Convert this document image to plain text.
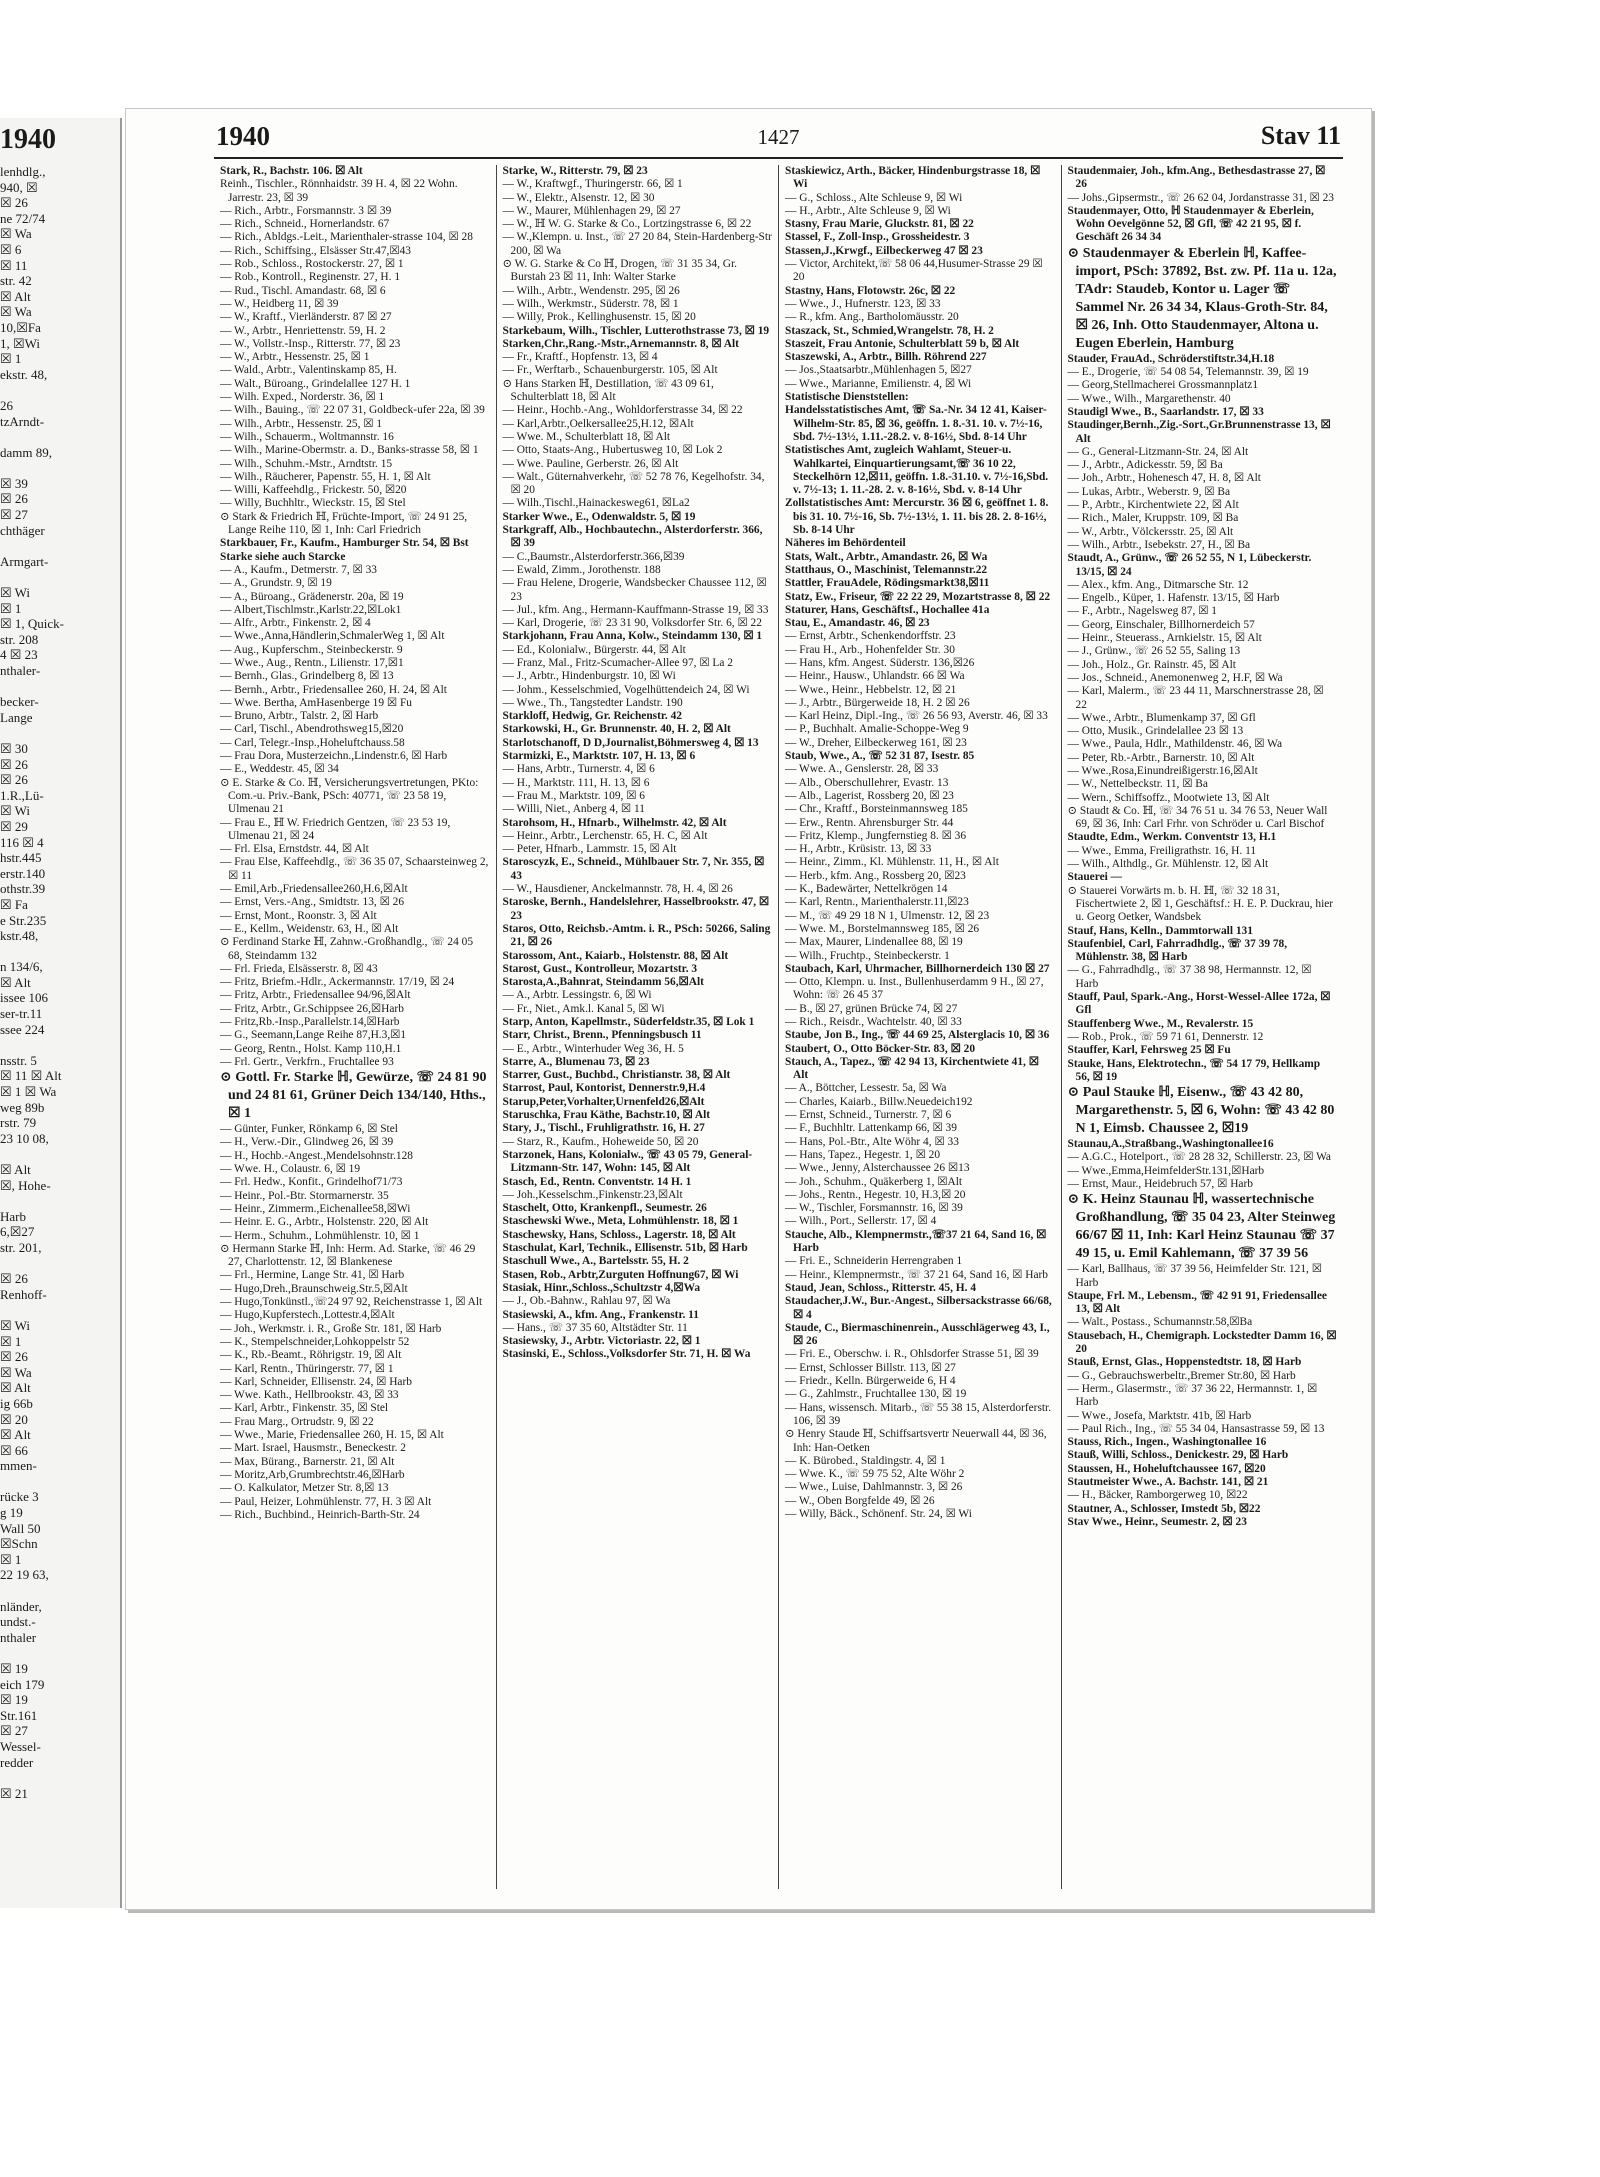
1940
lenhdlg.,
940, ☒
☒ 26
ne 72/74
☒ Wa
☒ 6
☒ 11
str. 42
☒ Alt
☒ Wa
10,☒Fa
1, ☒Wi
☒ 1
ekstr. 48,

26
tzArndt-

damm 89,

☒ 39
☒ 26
☒ 27
chthäger

Armgart-

☒ Wi
☒ 1
☒ 1, Quick-
str. 208
4 ☒ 23
nthaler-

becker-
Lange

☒ 30
☒ 26
☒ 26
1.R.,Lü-
☒ Wi
☒ 29
116 ☒ 4
hstr.445
erstr.140
othstr.39
☒ Fa
e Str.235
kstr.48,

n 134/6,
☒ Alt
issee 106
ser-tr.11
ssee 224

nsstr. 5
☒ 11 ☒ Alt
☒ 1 ☒ Wa
weg 89b
rstr. 79
23 10 08,

☒ Alt
☒, Hohe-

Harb
6,☒27
str. 201,

☒ 26
Renhoff-

☒ Wi
☒ 1
☒ 26
☒ Wa
☒ Alt
ig 66b
☒ 20
☒ Alt
☒ 66
mmen-

rücke 3
g 19
Wall 50
☒Schn
☒ 1
22 19 63,

nländer,
undst.-
nthaler

☒ 19
eich 179
☒ 19
Str.161
☒ 27
Wessel-
redder

☒ 21
1940	1427	Stav 11
Stark, R., Bachstr. 106. ☒ Alt
Reinh., Tischler., Rönnhaidstr. 39 H. 4, ☒ 22 Wohn. Jarrestr. 23, ☒ 39
— Rich., Arbtr., Forsmannstr. 3 ☒ 39
— Rich., Schneid., Hornerlandstr. 67
— Rich., Abldgs.-Leit., Marienthaler-strasse 104, ☒ 28
— Rich., Schiffsing., Elsässer Str.47,☒43
— Rob., Schloss., Rostockerstr. 27, ☒ 1
— Rob., Kontroll., Reginenstr. 27, H. 1
— Rud., Tischl. Amandastr. 68, ☒ 6
— W., Heidberg 11, ☒ 39
— W., Kraftf., Vierländerstr. 87 ☒ 27
— W., Arbtr., Henriettenstr. 59, H. 2
— W., Vollstr.-Insp., Ritterstr. 77, ☒ 23
— W., Arbtr., Hessenstr. 25, ☒ 1
— Wald., Arbtr., Valentinskamp 85, H.
— Walt., Büroang., Grindelallee 127 H. 1
— Wilh. Exped., Norderstr. 36, ☒ 1
— Wilh., Bauing., ☏ 22 07 31, Goldbeck-ufer 22a, ☒ 39
— Wilh., Arbtr., Hessenstr. 25, ☒ 1
— Wilh., Schauerm., Woltmannstr. 16
— Wilh., Marine-Obermstr. a. D., Banks-strasse 58, ☒ 1
— Wilh., Schuhm.-Mstr., Arndtstr. 15
— Wilh., Räucherer, Papenstr. 55, H. 1, ☒ Alt
— Willi, Kaffeehdlg., Frickestr. 50, ☒20
— Willy, Buchhltr., Wieckstr. 15, ☒ Stel
⊙ Stark & Friedrich ℍ, Früchte-Import, ☏ 24 91 25, Lange Reihe 110, ☒ 1, Inh: Carl Friedrich
Starkbauer, Fr., Kaufm., Hamburger Str. 54, ☒ Bst
Starke siehe auch Starcke
— A., Kaufm., Detmerstr. 7, ☒ 33
— A., Grundstr. 9, ☒ 19
— A., Büroang., Grädenerstr. 20a, ☒ 19
— Albert,Tischlmstr.,Karlstr.22,☒Lok1
— Alfr., Arbtr., Finkenstr. 2, ☒ 4
— Wwe.,Anna,Händlerin,SchmalerWeg 1, ☒ Alt
— Aug., Kupferschm., Steinbeckerstr. 9
— Wwe., Aug., Rentn., Lilienstr. 17,☒1
— Bernh., Glas., Grindelberg 8, ☒ 13
— Bernh., Arbtr., Friedensallee 260, H. 24, ☒ Alt
— Wwe. Bertha, AmHasenberge 19 ☒ Fu
— Bruno, Arbtr., Talstr. 2, ☒ Harb
— Carl, Tischl., Abendrothsweg15,☒20
— Carl, Telegr.-Insp.,Hoheluftchauss.58
— Frau Dora, Musterzeichn.,Lindenstr.6, ☒ Harb
— E., Weddestr. 45, ☒ 34
⊙ E. Starke & Co. ℍ, Versicherungsvertretungen, PKto: Com.-u. Priv.-Bank, PSch: 40771, ☏ 23 58 19, Ulmenau 21
— Frau E., ℍ W. Friedrich Gentzen, ☏ 23 53 19, Ulmenau 21, ☒ 24
— Frl. Elsa, Ernstdstr. 44, ☒ Alt
— Frau Else, Kaffeehdlg., ☏ 36 35 07, Schaarsteinweg 2, ☒ 11
— Emil,Arb.,Friedensallee260,H.6,☒Alt
— Ernst, Vers.-Ang., Smidtstr. 13, ☒ 26
— Ernst, Mont., Roonstr. 3, ☒ Alt
— E., Kellm., Weidenstr. 63, H., ☒ Alt
⊙ Ferdinand Starke ℍ, Zahnw.-Großhandlg., ☏ 24 05 68, Steindamm 132
— Frl. Frieda, Elsässerstr. 8, ☒ 43
— Fritz, Briefm.-Hdlr., Ackermannstr. 17/19, ☒ 24
— Fritz, Arbtr., Friedensallee 94/96,☒Alt
— Fritz, Arbtr., Gr.Schippsee 26,☒Harb
— Fritz,Rb.-Insp.,Parallelstr.14,☒Harb
— G., Seemann,Lange Reihe 87,H.3,☒1
— Georg, Rentn., Holst. Kamp 110,H.1
— Frl. Gertr., Verkfrn., Fruchtallee 93
⊙ Gottl. Fr. Starke ℍ, Gewürze, ☏ 24 81 90 und 24 81 61, Grüner Deich 134/140, Hths., ☒ 1
— Günter, Funker, Rönkamp 6, ☒ Stel
— H., Verw.-Dir., Glindweg 26, ☒ 39
— H., Hochb.-Angest.,Mendelsohnstr.128
— Wwe. H., Colaustr. 6, ☒ 19
— Frl. Hedw., Konfit., Grindelhof71/73
— Heinr., Pol.-Btr. Stormarnerstr. 35
— Heinr., Zimmerm.,Eichenallee58,☒Wi
— Heinr. E. G., Arbtr., Holstenstr. 220, ☒ Alt
— Herm., Schuhm., Lohmühlenstr. 10, ☒ 1
⊙ Hermann Starke ℍ, Inh: Herm. Ad. Starke, ☏ 46 29 27, Charlottenstr. 12, ☒ Blankenese
— Frl., Hermine, Lange Str. 41, ☒ Harb
— Hugo,Dreh.,Braunschweig.Str.5,☒Alt
— Hugo,Tonkünstl.,☏24 97 92, Reichenstrasse 1, ☒ Alt
— Hugo,Kupferstech.,Lottestr.4,☒Alt
— Joh., Werkmstr. i. R., Große Str. 181, ☒ Harb
— K., Stempelschneider,Lohkoppelstr 52
— K., Rb.-Beamt., Röhrigstr. 19, ☒ Alt
— Karl, Rentn., Thüringerstr. 77, ☒ 1
— Karl, Schneider, Ellisenstr. 24, ☒ Harb
— Wwe. Kath., Hellbrookstr. 43, ☒ 33
— Karl, Arbtr., Finkenstr. 35, ☒ Stel
— Frau Marg., Ortrudstr. 9, ☒ 22
— Wwe., Marie, Friedensallee 260, H. 15, ☒ Alt
— Mart. Israel, Hausmstr., Beneckestr. 2
— Max, Bürang., Barnerstr. 21, ☒ Alt
— Moritz,Arb,Grumbrechtstr.46,☒Harb
— O. Kalkulator, Metzer Str. 8,☒ 13
— Paul, Heizer, Lohmühlenstr. 77, H. 3 ☒ Alt
— Rich., Buchbind., Heinrich-Barth-Str. 24
Starke, W., Ritterstr. 79, ☒ 23
— W., Kraftwgf., Thuringerstr. 66, ☒ 1
— W., Elektr., Alsenstr. 12, ☒ 30
— W., Maurer, Mühlenhagen 29, ☒ 27
— W., ℍ W. G. Starke & Co., Lortzingstrasse 6, ☒ 22
— W.,Klempn. u. Inst., ☏ 27 20 84, Stein-Hardenberg-Str 200, ☒ Wa
⊙ W. G. Starke & Co ℍ, Drogen, ☏ 31 35 34, Gr. Burstah 23 ☒ 11, Inh: Walter Starke
— Wilh., Arbtr., Wendenstr. 295, ☒ 26
— Wilh., Werkmstr., Süderstr. 78, ☒ 1
— Willy, Prok., Kellinghusenstr. 15, ☒ 20
Starkebaum, Wilh., Tischler, Lutterothstrasse 73, ☒ 19
Starken,Chr.,Rang.-Mstr.,Arnemannstr. 8, ☒ Alt
— Fr., Kraftf., Hopfenstr. 13, ☒ 4
— Fr., Werftarb., Schauenburgerstr. 105, ☒ Alt
⊙ Hans Starken ℍ, Destillation, ☏ 43 09 61, Schulterblatt 18, ☒ Alt
— Heinr., Hochb.-Ang., Wohldorferstrasse 34, ☒ 22
— Karl,Arbtr.,Oelkersallee25,H.12, ☒Alt
— Wwe. M., Schulterblatt 18, ☒ Alt
— Otto, Staats-Ang., Hubertusweg 10, ☒ Lok 2
— Wwe. Pauline, Gerberstr. 26, ☒ Alt
— Walt., Güternahverkehr, ☏ 52 78 76, Kegelhofstr. 34, ☒ 20
— Wilh.,Tischl.,Hainackesweg61, ☒La2
Starker Wwe., E., Odenwaldstr. 5, ☒ 19
Starkgraff, Alb., Hochbautechn., Alsterdorferstr. 366, ☒ 39
— C.,Baumstr.,Alsterdorferstr.366,☒39
— Ewald, Zimm., Jorothenstr. 188
— Frau Helene, Drogerie, Wandsbecker Chaussee 112, ☒ 23
— Jul., kfm. Ang., Hermann-Kauffmann-Strasse 19, ☒ 33
— Karl, Drogerie, ☏ 23 31 90, Volksdorfer Str. 6, ☒ 22
Starkjohann, Frau Anna, Kolw., Steindamm 130, ☒ 1
— Ed., Kolonialw., Bürgerstr. 44, ☒ Alt
— Franz, Mal., Fritz-Scumacher-Allee 97, ☒ La 2
— J., Arbtr., Hindenburgstr. 10, ☒ Wi
— Johm., Kesselschmied, Vogelhüttendeich 24, ☒ Wi
— Wwe., Th., Tangstedter Landstr. 190
Starkloff, Hedwig, Gr. Reichenstr. 42
Starkowski, H., Gr. Brunnenstr. 40, H. 2, ☒ Alt
Starlotschanoff, D D,Journalist,Böhmersweg 4, ☒ 13
Starmizki, E., Marktstr. 107, H. 13, ☒ 6
— Hans, Arbtr., Turnerstr. 4, ☒ 6
— H., Marktstr. 111, H. 13, ☒ 6
— Frau M., Marktstr. 109, ☒ 6
— Willi, Niet., Anberg 4, ☒ 11
Starohsom, H., Hfnarb., Wilhelmstr. 42, ☒ Alt
— Heinr., Arbtr., Lerchenstr. 65, H. C, ☒ Alt
— Peter, Hfnarb., Lammstr. 15, ☒ Alt
Staroscyzk, E., Schneid., Mühlbauer Str. 7, Nr. 355, ☒ 43
— W., Hausdiener, Anckelmannstr. 78, H. 4, ☒ 26
Staroske, Bernh., Handelslehrer, Hasselbrookstr. 47, ☒ 23
Staros, Otto, Reichsb.-Amtm. i. R., PSch: 50266, Saling 21, ☒ 26
Starossom, Ant., Kaiarb., Holstenstr. 88, ☒ Alt
Starost, Gust., Kontrolleur, Mozartstr. 3
Starosta,A.,Bahnrat, Steindamm 56,☒Alt
— A., Arbtr. Lessingstr. 6, ☒ Wi
— Fr., Niet., Amk.l. Kanal 5, ☒ Wi
Starp, Anton, Kapellmstr., Süderfeldstr.35, ☒ Lok 1
Starr, Christ., Brenn., Pfenningsbusch 11
— E., Arbtr., Winterhuder Weg 36, H. 5
Starre, A., Blumenau 73, ☒ 23
Starrer, Gust., Buchbd., Christianstr. 38, ☒ Alt
Starrost, Paul, Kontorist, Dennerstr.9,H.4
Starup,Peter,Vorhalter,Urnenfeld26,☒Alt
Staruschka, Frau Käthe, Bachstr.10, ☒ Alt
Stary, J., Tischl., Fruhligrathstr. 16, H. 27
— Starz, R., Kaufm., Hoheweide 50, ☒ 20
Starzonek, Hans, Kolonialw., ☏ 43 05 79, General-Litzmann-Str. 147, Wohn: 145, ☒ Alt
Stasch, Ed., Rentn. Conventstr. 14 H. 1
— Joh.,Kesselschm.,Finkenstr.23,☒Alt
Staschelt, Otto, Krankenpfl., Seumestr. 26
Staschewski Wwe., Meta, Lohmühlenstr. 18, ☒ 1
Staschewsky, Hans, Schloss., Lagerstr. 18, ☒ Alt
Staschulat, Karl, Technik., Ellisenstr. 51b, ☒ Harb
Staschull Wwe., A., Bartelsstr. 55, H. 2
Stasen, Rob., Arbtr,Zurguten Hoffnung67, ☒ Wi
Stasiak, Hinr.,Schloss.,Schultzstr 4,☒Wa
— J., Ob.-Bahnw., Rahlau 97, ☒ Wa
Stasiewski, A., kfm. Ang., Frankenstr. 11
— Hans., ☏ 37 35 60, Altstädter Str. 11
Stasiewsky, J., Arbtr. Victoriastr. 22, ☒ 1
Stasinski, E., Schloss.,Volksdorfer Str. 71, H. ☒ Wa
Staskiewicz, Arth., Bäcker, Hindenburgstrasse 18, ☒ Wi
— G., Schloss., Alte Schleuse 9, ☒ Wi
— H., Arbtr., Alte Schleuse 9, ☒ Wi
Stasny, Frau Marie, Gluckstr. 81, ☒ 22
Stassel, F., Zoll-Insp., Grossheidestr. 3
Stassen,J.,Krwgf., Eilbeckerweg 47 ☒ 23
— Victor, Architekt,☏ 58 06 44,Husumer-Strasse 29 ☒ 20
Stastny, Hans, Flotowstr. 26c, ☒ 22
— Wwe., J., Hufnerstr. 123, ☒ 33
— R., kfm. Ang., Bartholomäusstr. 20
Staszack, St., Schmied,Wrangelstr. 78, H. 2
Staszeit, Frau Antonie, Schulterblatt 59 b, ☒ Alt
Staszewski, A., Arbtr., Billh. Röhrend 227
— Jos.,Staatsarbtr.,Mühlenhagen 5, ☒27
— Wwe., Marianne, Emilienstr. 4, ☒ Wi
Statistische Dienststellen:
Handelsstatistisches Amt, ☏ Sa.-Nr. 34 12 41, Kaiser-Wilhelm-Str. 85, ☒ 36, geöffn. 1. 8.-31. 10. v. 7½-16, Sbd. 7½-13½, 1.11.-28.2. v. 8-16½, Sbd. 8-14 Uhr
Statistisches Amt, zugleich Wahlamt, Steuer-u. Wahlkartei, Einquartierungsamt,☏ 36 10 22, Steckelhörn 12,☒11, geöffn. 1.8.-31.10. v. 7½-16,Sbd. v. 7½-13; 1. 11.-28. 2. v. 8-16½, Sbd. v. 8-14 Uhr
Zollstatistisches Amt: Mercurstr. 36 ☒ 6, geöffnet 1. 8. bis 31. 10. 7½-16, Sb. 7½-13½, 1. 11. bis 28. 2. 8-16½, Sb. 8-14 Uhr
Näheres im Behördenteil
Stats, Walt., Arbtr., Amandastr. 26, ☒ Wa
Statthaus, O., Maschinist, Telemannstr.22
Stattler, FrauAdele, Rödingsmarkt38,☒11
Statz, Ew., Friseur, ☏ 22 22 29, Mozartstrasse 8, ☒ 22
Staturer, Hans, Geschäftsf., Hochallee 41a
Stau, E., Amandastr. 46, ☒ 23
— Ernst, Arbtr., Schenkendorffstr. 23
— Frau H., Arb., Hohenfelder Str. 30
— Hans, kfm. Angest. Süderstr. 136,☒26
— Heinr., Hausw., Uhlandstr. 66 ☒ Wa
— Wwe., Heinr., Hebbelstr. 12, ☒ 21
— J., Arbtr., Bürgerweide 18, H. 2 ☒ 26
— Karl Heinz, Dipl.-Ing., ☏ 26 56 93, Averstr. 46, ☒ 33
— P., Buchhalt. Amalie-Schoppe-Weg 9
— W., Dreher, Eilbeckerweg 161, ☒ 23
Staub, Wwe., A., ☏ 52 31 87, Isestr. 85
— Wwe. A., Genslerstr. 28, ☒ 33
— Alb., Oberschullehrer, Evastr. 13
— Alb., Lagerist, Rossberg 20, ☒ 23
— Chr., Kraftf., Borsteinmannsweg 185
— Erw., Rentn. Ahrensburger Str. 44
— Fritz, Klemp., Jungfernstieg 8. ☒ 36
— H., Arbtr., Krüsistr. 13, ☒ 33
— Heinr., Zimm., Kl. Mühlenstr. 11, H., ☒ Alt
— Herb., kfm. Ang., Rossberg 20, ☒23
— K., Badewärter, Nettelkrögen 14
— Karl, Rentn., Marienthalerstr.11,☒23
— M., ☏ 49 29 18 N 1, Ulmenstr. 12, ☒ 23
— Wwe. M., Borstelmannsweg 185, ☒ 26
— Max, Maurer, Lindenallee 88, ☒ 19
— Wilh., Fruchtp., Steinbeckerstr. 1
Staubach, Karl, Uhrmacher, Billhornerdeich 130 ☒ 27
— Otto, Klempn. u. Inst., Bullenhuserdamm 9 H., ☒ 27, Wohn: ☏ 26 45 37
— B., ☒ 27, grünen Brücke 74, ☒ 27
— Rich., Reisdr., Wachtelstr. 40, ☒ 33
Staube, Jon B., Ing., ☏ 44 69 25, Alsterglacis 10, ☒ 36
Staubert, O., Otto Böcker-Str. 83, ☒ 20
Stauch, A., Tapez., ☏ 42 94 13, Kirchentwiete 41, ☒ Alt
— A., Böttcher, Lessestr. 5a, ☒ Wa
— Charles, Kaiarb., Billw.Neuedeich192
— Ernst, Schneid., Turnerstr. 7, ☒ 6
— F., Buchhltr. Lattenkamp 66, ☒ 39
— Hans, Pol.-Btr., Alte Wöhr 4, ☒ 33
— Hans, Tapez., Hegestr. 1, ☒ 20
— Wwe., Jenny, Alsterchaussee 26 ☒13
— Joh., Schuhm., Quäkerberg 1, ☒Alt
— Johs., Rentn., Hegestr. 10, H.3,☒ 20
— W., Tischler, Forsmannstr. 16, ☒ 39
— Wilh., Port., Sellerstr. 17, ☒ 4
Stauche, Alb., Klempnermstr.,☏37 21 64, Sand 16, ☒ Harb
— Fri. E., Schneiderin Herrengraben 1
— Heinr., Klempnermstr., ☏ 37 21 64, Sand 16, ☒ Harb
Staud, Jean, Schloss., Ritterstr. 45, H. 4
Staudacher,J.W., Bur.-Angest., Silbersackstrasse 66/68, ☒ 4
Staude, C., Biermaschinenrein., Ausschlägerweg 43, I., ☒ 26
— Fri. E., Oberschw. i. R., Ohlsdorfer Strasse 51, ☒ 39
— Ernst, Schlosser Billstr. 113, ☒ 27
— Friedr., Kelln. Bürgerweide 6, H 4
— G., Zahlmstr., Fruchtallee 130, ☒ 19
— Hans, wissensch. Mitarb., ☏ 55 38 15, Alsterdorferstr. 106, ☒ 39
⊙ Henry Staude ℍ, Schiffsartsvertr Neuerwall 44, ☒ 36, Inh: Han-Oetken
— K. Bürobed., Staldingstr. 4, ☒ 1
— Wwe. K., ☏ 59 75 52, Alte Wöhr 2
— Wwe., Luise, Dahlmannstr. 3, ☒ 26
— W., Oben Borgfelde 49, ☒ 26
— Willy, Bäck., Schönenf. Str. 24, ☒ Wi
Staudenmaier, Joh., kfm.Ang., Bethesdastrasse 27, ☒ 26
— Johs.,Gipsermstr., ☏ 26 62 04, Jordanstrasse 31, ☒ 23
Staudenmayer, Otto, ℍ Staudenmayer & Eberlein, Wohn Oevelgönne 52, ☒ Gfl, ☏ 42 21 95, ☒ f. Geschäft 26 34 34
⊙ Staudenmayer & Eberlein ℍ, Kaffee-import, PSch: 37892, Bst. zw. Pf. 11a u. 12a, TAdr: Staudeb, Kontor u. Lager ☏ Sammel Nr. 26 34 34, Klaus-Groth-Str. 84, ☒ 26, Inh. Otto Staudenmayer, Altona u. Eugen Eberlein, Hamburg
Stauder, FrauAd., Schröderstiftstr.34,H.18
— E., Drogerie, ☏ 54 08 54, Telemannstr. 39, ☒ 19
— Georg,Stellmacherei Grossmannplatz1
— Wwe., Wilh., Margarethenstr. 40
Staudigl Wwe., B., Saarlandstr. 17, ☒ 33
Staudinger,Bernh.,Zig.-Sort.,Gr.Brunnenstrasse 13, ☒ Alt
— G., General-Litzmann-Str. 24, ☒ Alt
— J., Arbtr., Adickesstr. 59, ☒ Ba
— Joh., Arbtr., Hohenesch 47, H. 8, ☒ Alt
— Lukas, Arbtr., Weberstr. 9, ☒ Ba
— P., Arbtr., Kirchentwiete 22, ☒ Alt
— Rich., Maler, Kruppstr. 109, ☒ Ba
— W., Arbtr., Völckersstr. 25, ☒ Alt
— Wilh., Arbtr., Isebekstr. 27, H., ☒ Ba
Staudt, A., Grünw., ☏ 26 52 55, N 1, Lübeckerstr. 13/15, ☒ 24
— Alex., kfm. Ang., Ditmarsche Str. 12
— Engelb., Küper, 1. Hafenstr. 13/15, ☒ Harb
— F., Arbtr., Nagelsweg 87, ☒ 1
— Georg, Einschaler, Billhornerdeich 57
— Heinr., Steuerass., Arnkielstr. 15, ☒ Alt
— J., Grünw., ☏ 26 52 55, Saling 13
— Joh., Holz., Gr. Rainstr. 45, ☒ Alt
— Jos., Schneid., Anemonenweg 2, H.F, ☒ Wa
— Karl, Malerm., ☏ 23 44 11, Marschnerstrasse 28, ☒ 22
— Wwe., Arbtr., Blumenkamp 37, ☒ Gfl
— Otto, Musik., Grindelallee 23 ☒ 13
— Wwe., Paula, Hdlr., Mathildenstr. 46, ☒ Wa
— Peter, Rb.-Arbtr., Barnerstr. 10, ☒ Alt
— Wwe.,Rosa,Einundreißigerstr.16,☒Alt
— W., Nettelbeckstr. 11, ☒ Ba
— Wern., Schiffsoffz., Mootwiete 13, ☒ Alt
⊙ Staudt & Co. ℍ, ☏ 34 76 51 u. 34 76 53, Neuer Wall 69, ☒ 36, Inh: Carl Frhr. von Schröder u. Carl Bischof
Staudte, Edm., Werkm. Conventstr 13, H.1
— Wwe., Emma, Freiligrathstr. 16, H. 11
— Wilh., Althdlg., Gr. Mühlenstr. 12, ☒ Alt
Stauerei —
⊙ Stauerei Vorwärts m. b. H. ℍ, ☏ 32 18 31, Fischertwiete 2, ☒ 1, Geschäftsf.: H. E. P. Duckrau, hier u. Georg Oetker, Wandsbek
Stauf, Hans, Kelln., Dammtorwall 131
Staufenbiel, Carl, Fahrradhdlg., ☏ 37 39 78, Mühlenstr. 38, ☒ Harb
— G., Fahrradhdlg., ☏ 37 38 98, Hermannstr. 12, ☒ Harb
Stauff, Paul, Spark.-Ang., Horst-Wessel-Allee 172a, ☒ Gfl
Stauffenberg Wwe., M., Revalerstr. 15
— Rob., Prok., ☏ 59 71 61, Dennerstr. 12
Stauffer, Karl, Fehrsweg 25 ☒ Fu
Stauke, Hans, Elektrotechn., ☏ 54 17 79, Hellkamp 56, ☒ 19
⊙ Paul Stauke ℍ, Eisenw., ☏ 43 42 80, Margarethenstr. 5, ☒ 6, Wohn: ☏ 43 42 80 N 1, Eimsb. Chaussee 2, ☒19
Staunau,A.,Straßbang.,Washingtonallee16
— A.G.C., Hotelport., ☏ 28 28 32, Schillerstr. 23, ☒ Wa
— Wwe.,Emma,HeimfelderStr.131,☒Harb
— Ernst, Maur., Heidebruch 57, ☒ Harb
⊙ K. Heinz Staunau ℍ, wassertechnische Großhandlung, ☏ 35 04 23, Alter Steinweg 66/67 ☒ 11, Inh: Karl Heinz Staunau ☏ 37 49 15, u. Emil Kahlemann, ☏ 37 39 56
— Karl, Ballhaus, ☏ 37 39 56, Heimfelder Str. 121, ☒ Harb
Staupe, Frl. M., Lebensm., ☏ 42 91 91, Friedensallee 13, ☒ Alt
— Walt., Postass., Schumannstr.58,☒Ba
Stausebach, H., Chemigraph. Lockstedter Damm 16, ☒ 20
Stauß, Ernst, Glas., Hoppenstedtstr. 18, ☒ Harb
— G., Gebrauchswerbeltr.,Bremer Str.80, ☒ Harb
— Herm., Glasermstr., ☏ 37 36 22, Hermannstr. 1, ☒ Harb
— Wwe., Josefa, Marktstr. 41b, ☒ Harb
— Paul Rich., Ing., ☏ 55 34 04, Hansastrasse 59, ☒ 13
Stauss, Rich., Ingen., Washingtonallee 16
Stauß, Willi, Schloss., Denickestr. 29, ☒ Harb
Staussen, H., Hoheluftchaussee 167, ☒20
Stautmeister Wwe., A. Bachstr. 141, ☒ 21
— H., Bäcker, Ramborgerweg 10, ☒22
Stautner, A., Schlosser, Imstedt 5b, ☒22
Stav Wwe., Heinr., Seumestr. 2, ☒ 23
